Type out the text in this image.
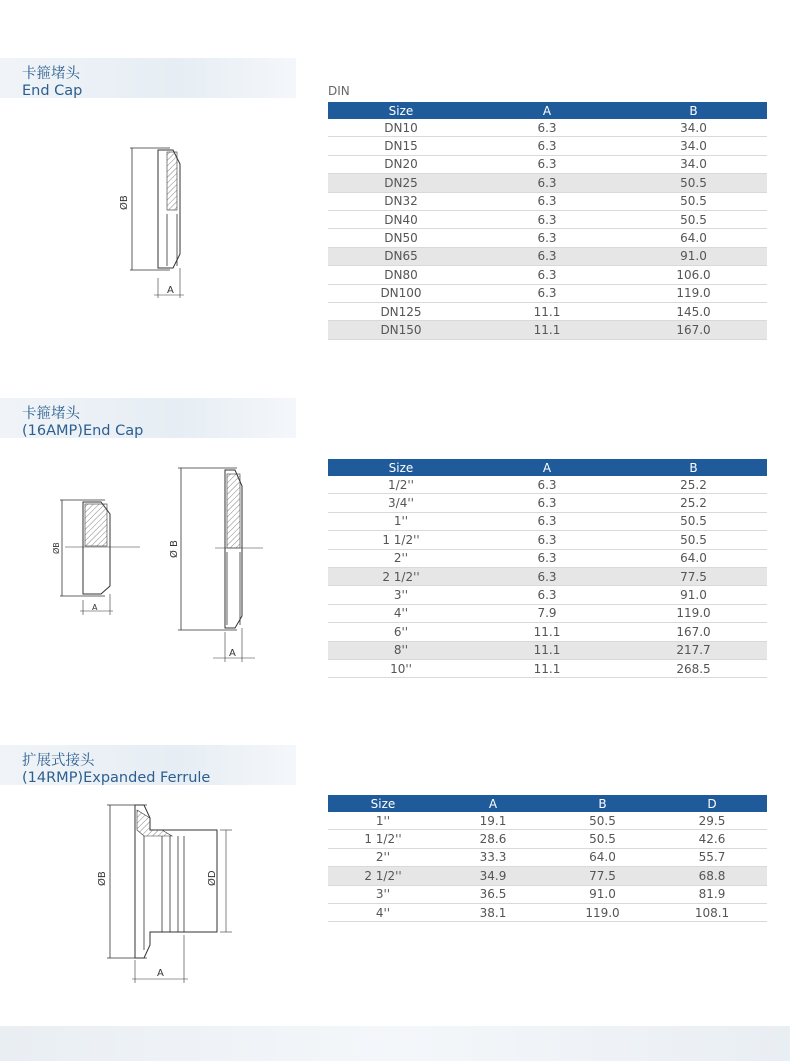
卡箍堵头
End Cap	DIN
ØB
A
Size	A	B
DN10	6.3	34.0
DN15	6.3	34.0
DN20	6.3	34.0
DN25	6.3	50.5
DN32	6.3	50.5
DN40	6.3	50.5
DN50	6.3	64.0
DN65	6.3	91.0
DN80	6.3	106.0
DN100	6.3	119.0
DN125	11.1	145.0
DN150	11.1	167.0
卡箍堵头
(16AMP)End Cap
ØB
A
Ø B
A
Size	A	B
1/2''	6.3	25.2
3/4''	6.3	25.2
1''	6.3	50.5
1 1/2''	6.3	50.5
2''	6.3	64.0
2 1/2''	6.3	77.5
3''	6.3	91.0
4''	7.9	119.0
6''	11.1	167.0
8''	11.1	217.7
10''	11.1	268.5
扩展式接头
(14RMP)Expanded Ferrule
ØB	ØD
A
Size	A	B	D
1''	19.1	50.5	29.5
1 1/2''	28.6	50.5	42.6
2''	33.3	64.0	55.7
2 1/2''	34.9	77.5	68.8
3''	36.5	91.0	81.9
4''	38.1	119.0	108.1
